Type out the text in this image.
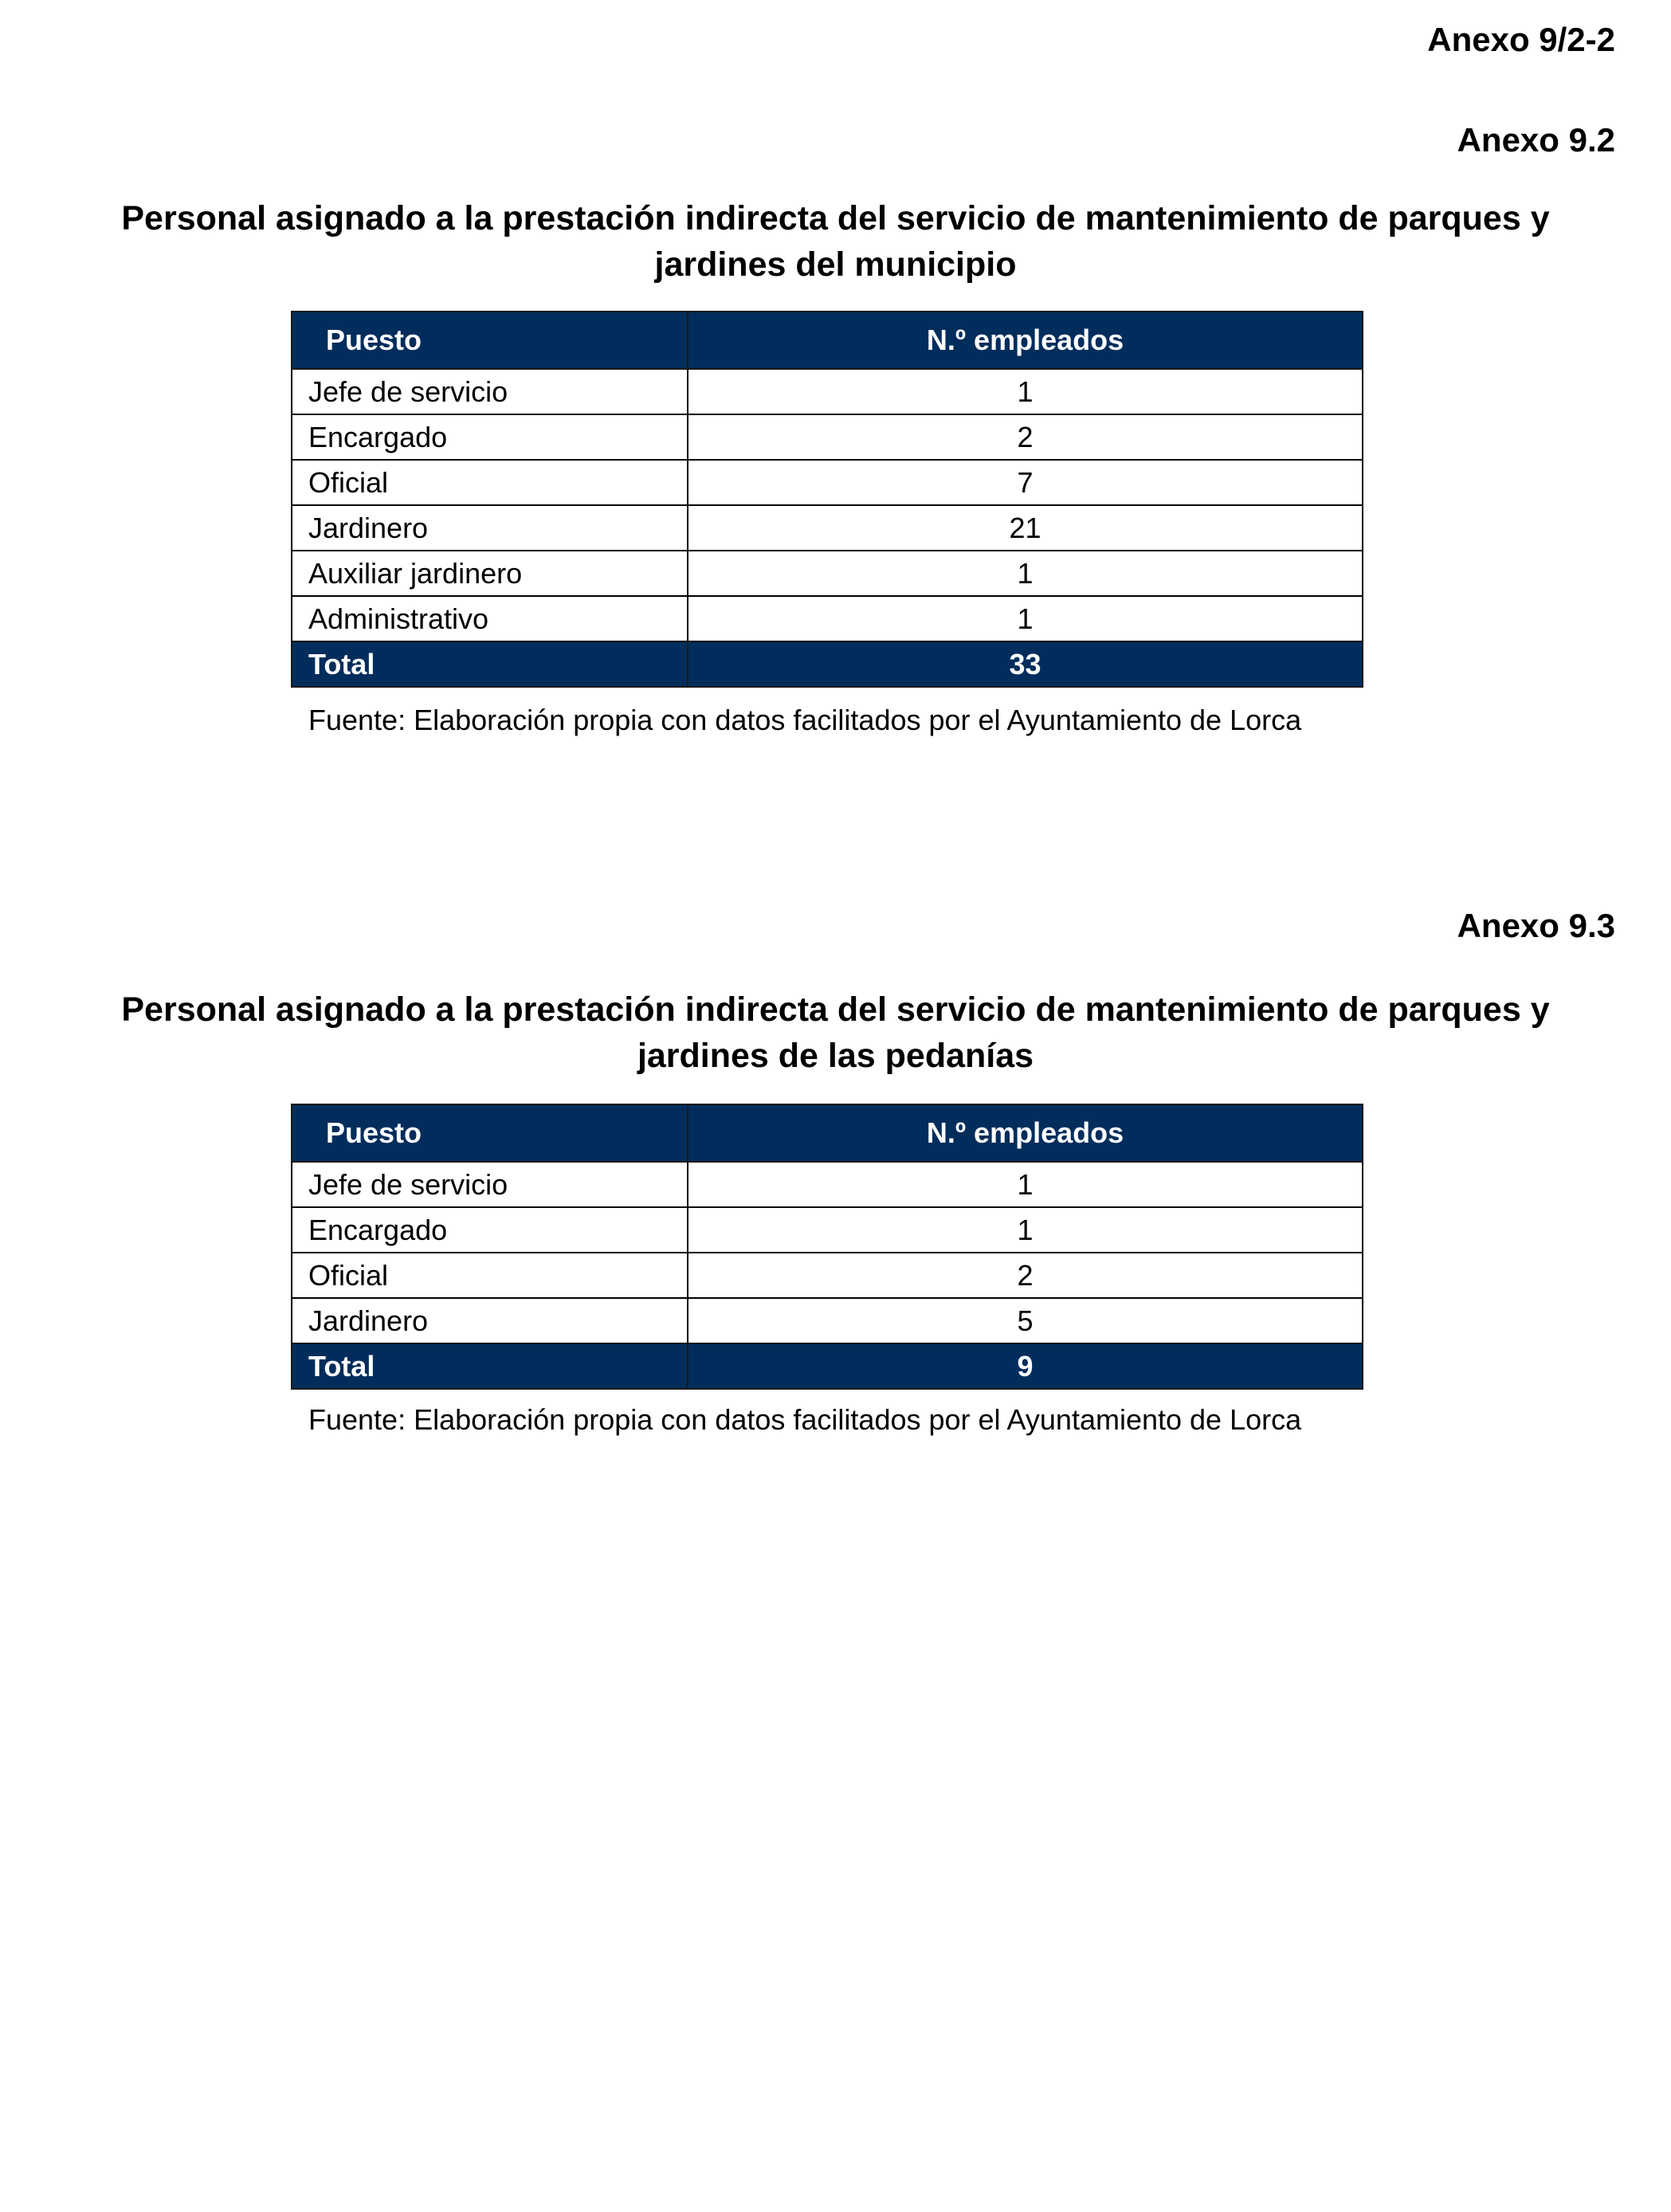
Anexo 9/2-2

Anexo 9.2

Personal asignado a la prestación indirecta del servicio de mantenimiento de parques y
jardines del municipio
Puesto	N.º empleados
Jefe de servicio	1
Encargado	2
Oficial	7
Jardinero	21
Auxiliar jardinero	1
Administrativo	1
Total	33

Fuente: Elaboración propia con datos facilitados por el Ayuntamiento de Lorca

Anexo 9.3

Personal asignado a la prestación indirecta del servicio de mantenimiento de parques y
jardines de las pedanías
Puesto	N.º empleados
Jefe de servicio	1
Encargado	1
Oficial	2
Jardinero	5
Total	9

Fuente: Elaboración propia con datos facilitados por el Ayuntamiento de Lorca
